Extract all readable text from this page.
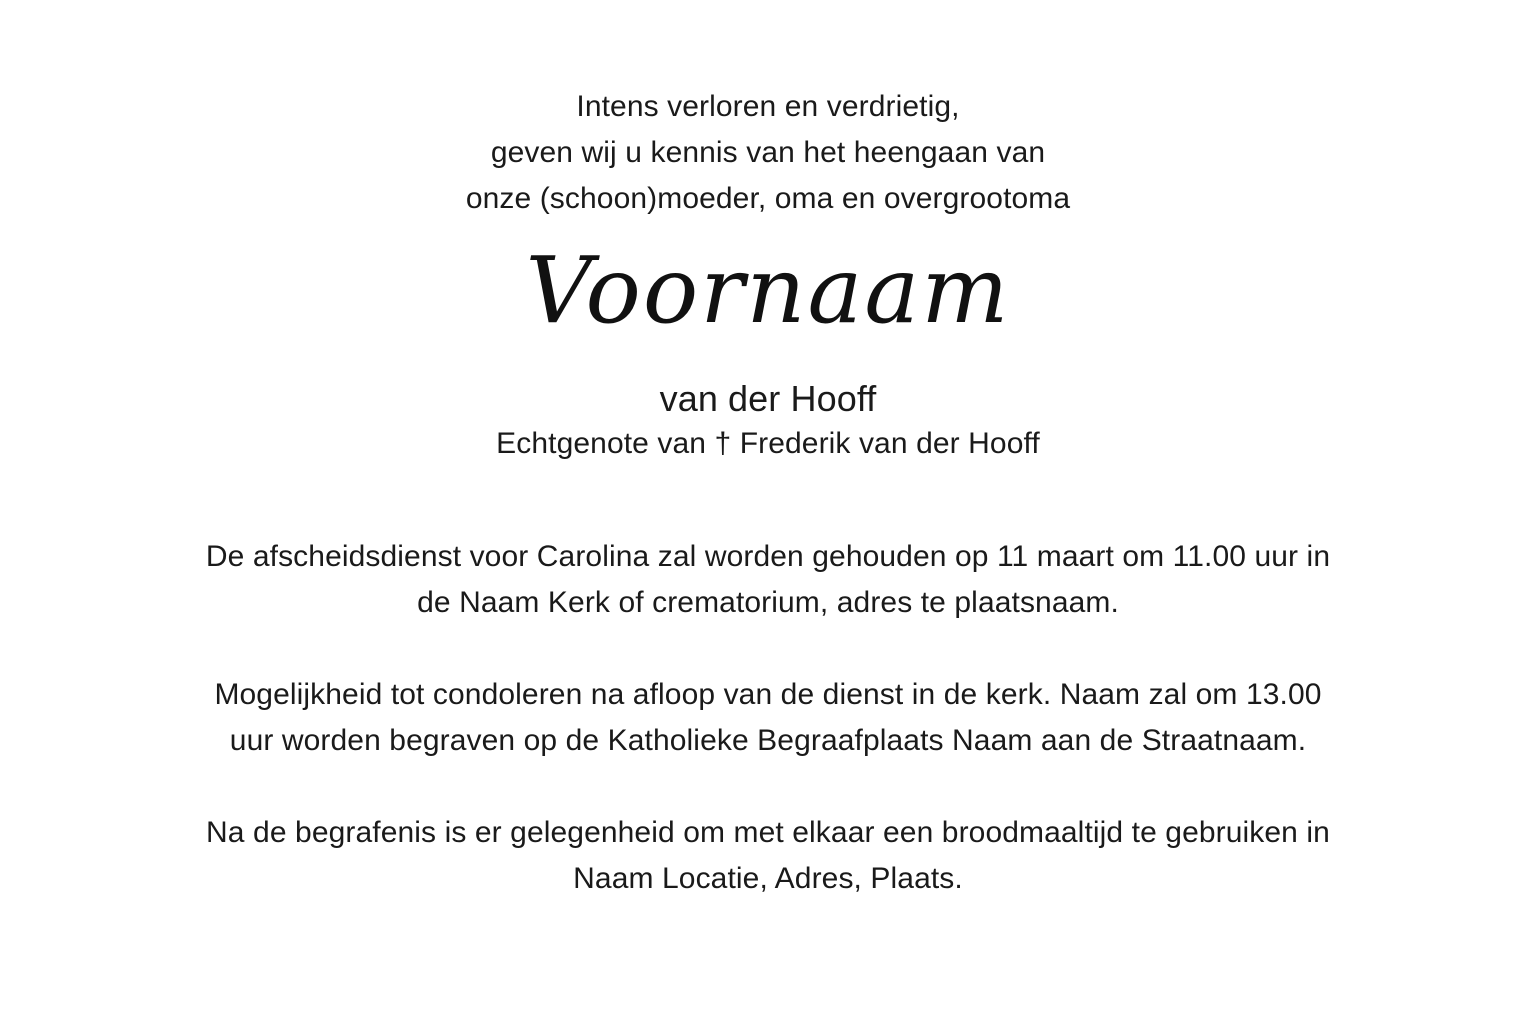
Intens verloren en verdrietig,
geven wij u kennis van het heengaan van
onze (schoon)moeder, oma en overgrootoma
Voornaam
van der Hooff
Echtgenote van † Frederik van der Hooff
De afscheidsdienst voor Carolina zal worden gehouden op 11 maart om 11.00 uur in
de Naam Kerk of crematorium, adres te plaatsnaam.
Mogelijkheid tot condoleren na afloop van de dienst in de kerk. Naam zal om 13.00
uur worden begraven op de Katholieke Begraafplaats Naam aan de Straatnaam.
Na de begrafenis is er gelegenheid om met elkaar een broodmaaltijd te gebruiken in
Naam Locatie, Adres, Plaats.
